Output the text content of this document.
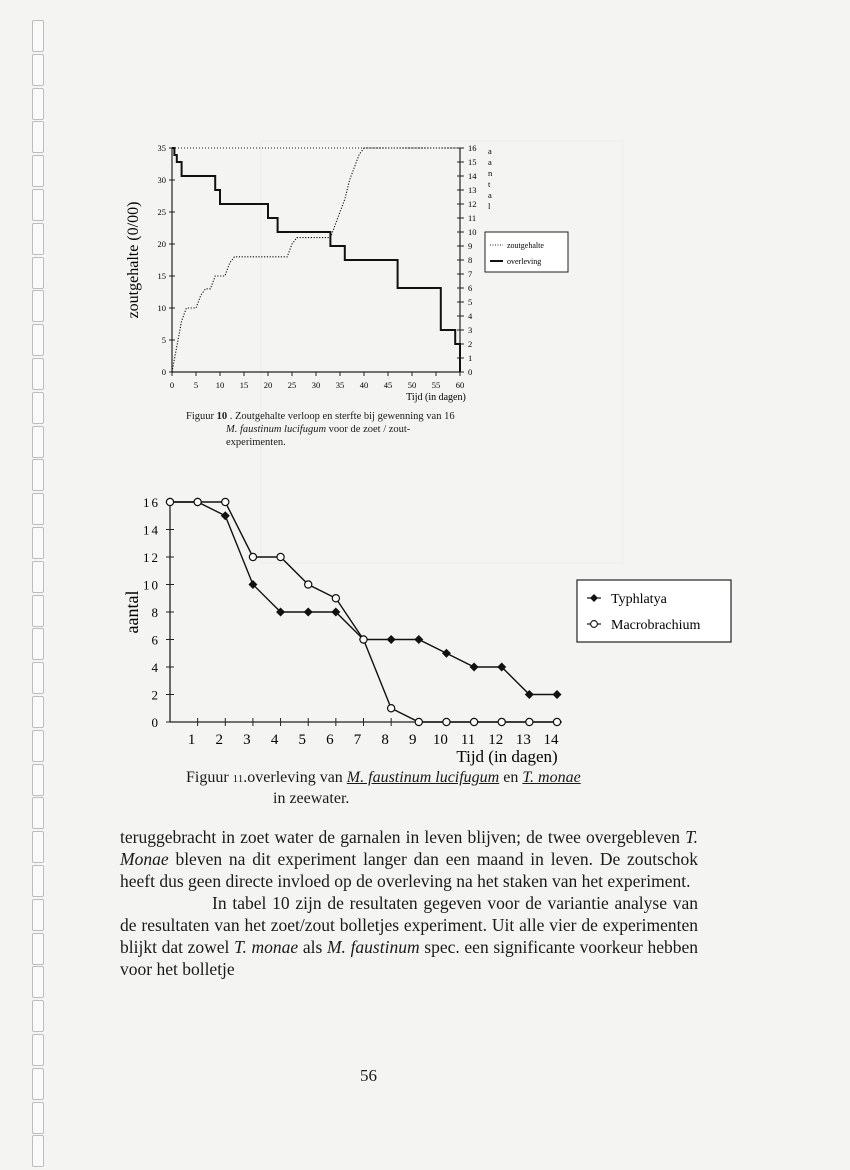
0 5 10 15 20 25 30 35 40 45 50 55 60
0
5
10
15
20
25
30
35
0
1
2
3
4
5
6
7
8
9
10
11
12
13
14
15
16 a
a
n
t
a
l
zoutgehalte (0/00)
Tijd (in dagen)
zoutgehalte
overleving
Figuur 10 . Zoutgehalte verloop en sterfte bij gewenning van 16
M. faustinum lucifugum voor de zoet / zout-
experimenten.
0
2
4
6
8
10
12
14
16
1 2 3 4 5 6 7 8 9 10 11 12 13 14
Tijd (in dagen)
aantal	Typhlatya
Macrobrachium
Figuur 11.overleving van M. faustinum lucifugum en T. monae
in zeewater.

teruggebracht in zoet water de garnalen in leven blijven; de twee overgebleven T. Monae bleven na dit experiment langer dan een maand in leven. De zoutschok heeft dus geen directe invloed op de overleving na het staken van het experiment.

In tabel 10 zijn de resultaten gegeven voor de variantie analyse van de resultaten van het zoet/zout bolletjes experiment. Uit alle vier de experimenten blijkt dat zowel T. monae als M. faustinum spec. een significante voorkeur hebben voor het bolletje

56
